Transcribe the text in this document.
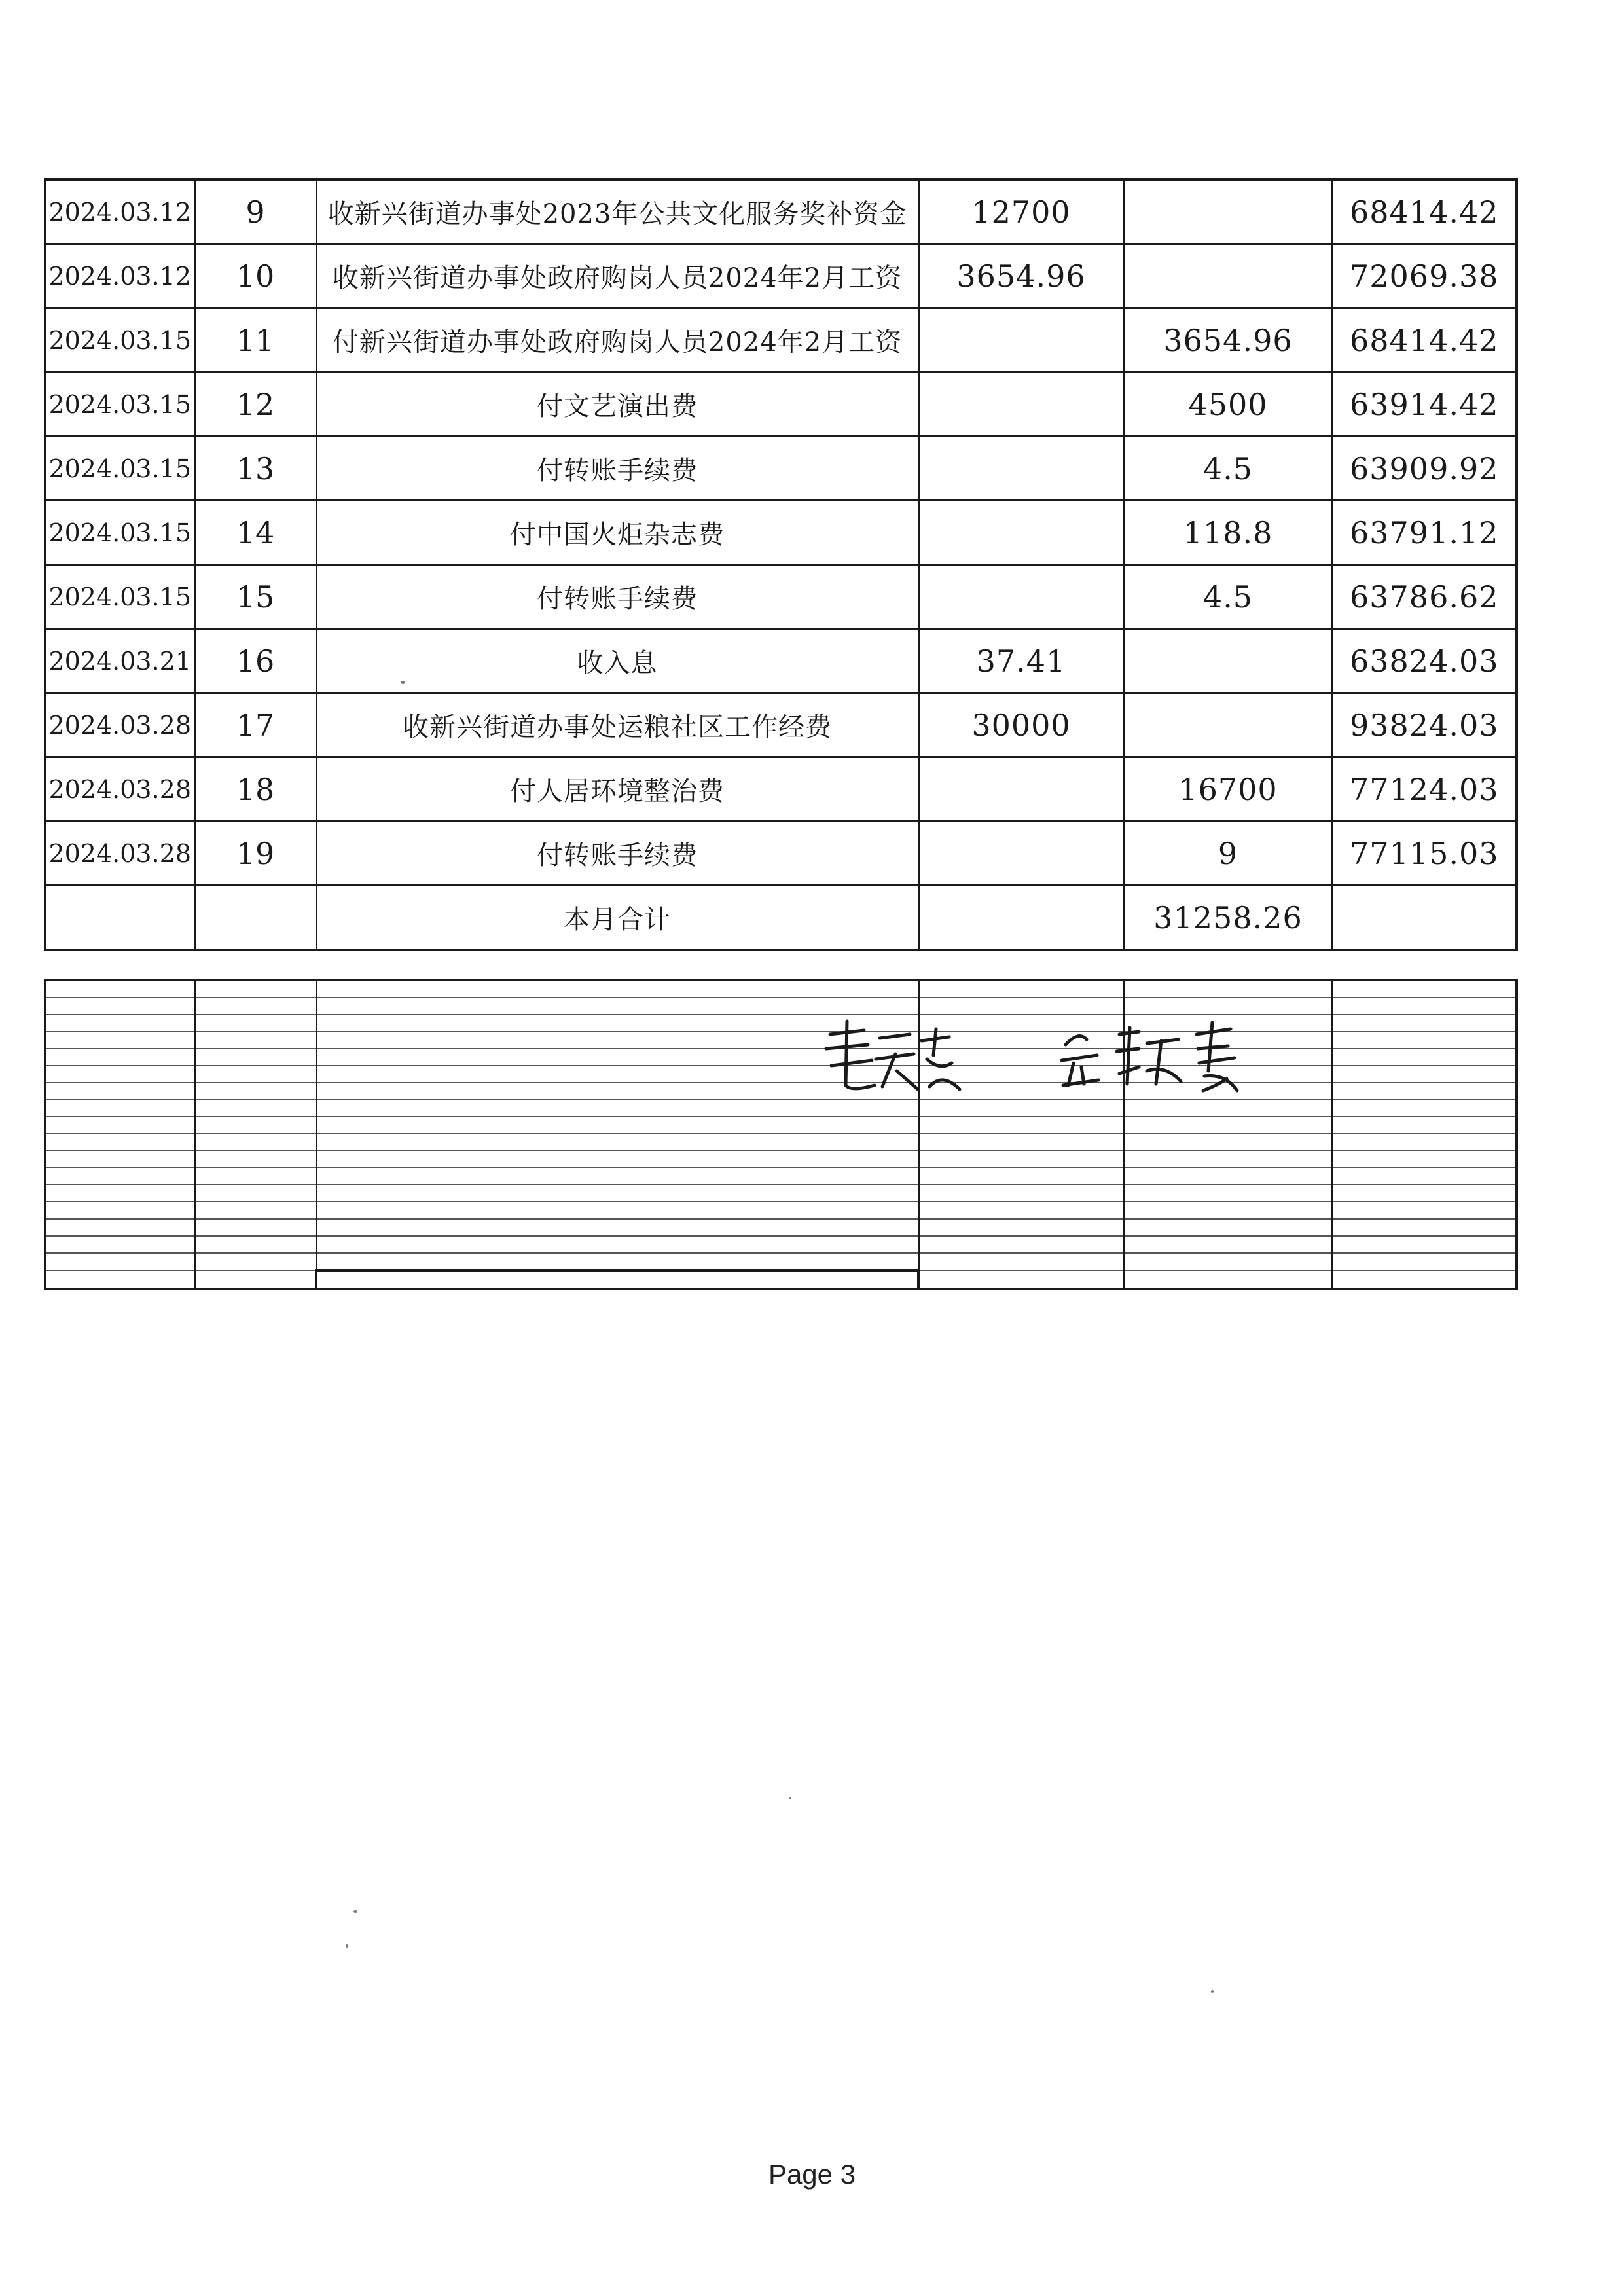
2024.03.12	9	收新兴街道办事处2023年公共文化服务奖补资金	12700		68414.42
2024.03.12	10	收新兴街道办事处政府购岗人员2024年2月工资	3654.96		72069.38
2024.03.15	11	付新兴街道办事处政府购岗人员2024年2月工资		3654.96	68414.42
2024.03.15	12	付文艺演出费		4500	63914.42
2024.03.15	13	付转账手续费		4.5	63909.92
2024.03.15	14	付中国火炬杂志费		118.8	63791.12
2024.03.15	15	付转账手续费		4.5	63786.62
2024.03.21	16	收入息	37.41		63824.03
2024.03.28	17	收新兴街道办事处运粮社区工作经费	30000		93824.03
2024.03.28	18	付人居环境整治费		16700	77124.03
2024.03.28	19	付转账手续费		9	77115.03
		本月合计		31258.26	

Page 3
